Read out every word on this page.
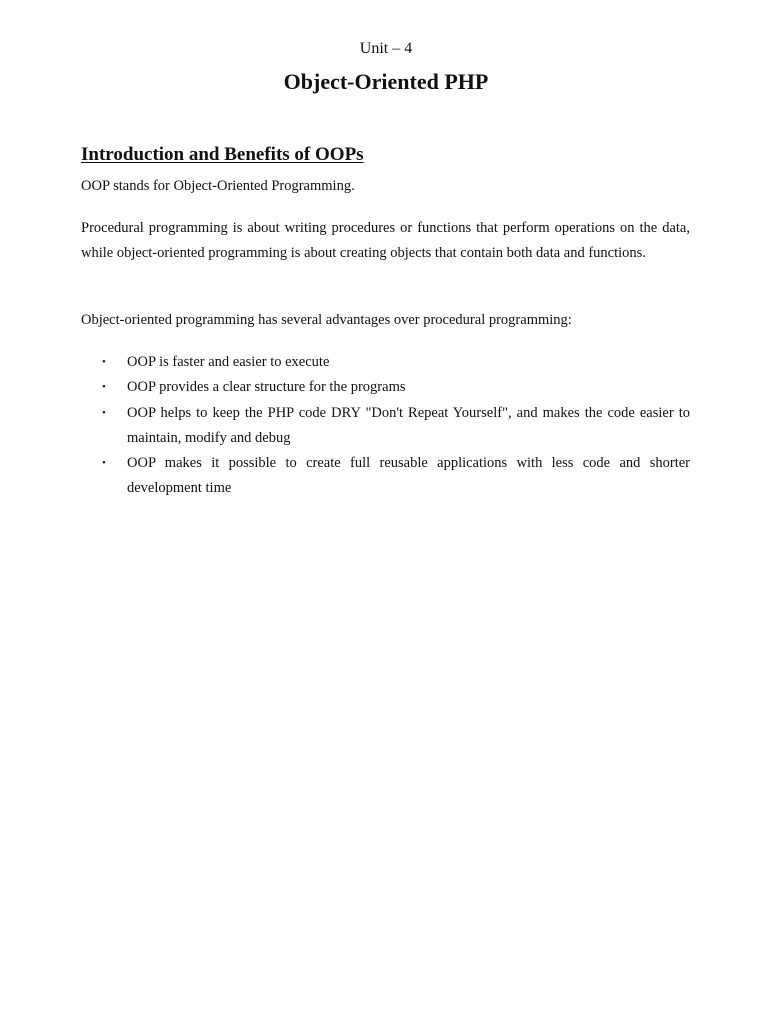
Unit – 4
Object-Oriented PHP
Introduction and Benefits of OOPs

OOP stands for Object-Oriented Programming.

Procedural programming is about writing procedures or functions that perform operations on the data, while object-oriented programming is about creating objects that contain both data and functions.

Object-oriented programming has several advantages over procedural programming:

• OOP is faster and easier to execute
• OOP provides a clear structure for the programs
• OOP helps to keep the PHP code DRY "Don't Repeat Yourself", and makes the code easier to maintain, modify and debug
• OOP makes it possible to create full reusable applications with less code and shorter development time
